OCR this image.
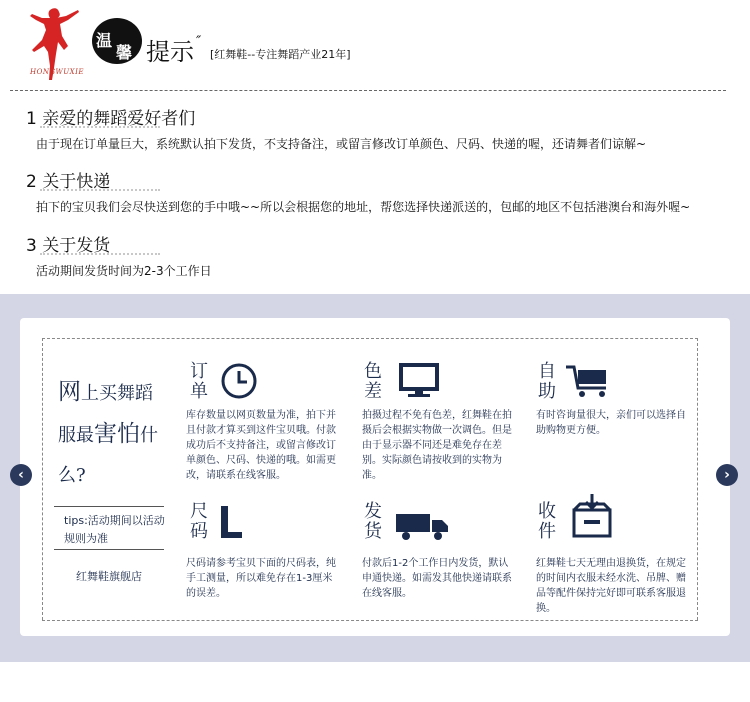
HONGWUXIE
温
馨 提示 ″
[红舞鞋--专注舞蹈产业21年]
1 亲爱的舞蹈爱好者们
由于现在订单量巨大，系统默认拍下发货，不支持备注，或留言修改订单颜色、尺码、快递的喔，还请舞者们谅解~
2 关于快递
拍下的宝贝我们会尽快送到您的手中哦~~所以会根据您的地址，帮您选择快递派送的，包邮的地区不包括港澳台和海外喔~
3 关于发货
活动期间发货时间为2-3个工作日
网上买舞蹈
服最害怕什
么?
tips:活动期间以活动规则为准
红舞鞋旗舰店
订单
库存数量以网页数量为准，拍下并且付款才算买到这件宝贝哦。付款成功后不支持备注，或留言修改订单颜色、尺码、快递的哦。如需更改，请联系在线客服。
色差
拍摄过程不免有色差，红舞鞋在拍摄后会根据实物做一次调色。但是由于显示器不同还是难免存在差别。实际颜色请按收到的实物为准。
自助
有时咨询量很大，亲们可以选择自助购物更方便。
尺码
尺码请参考宝贝下面的尺码表，纯手工测量，所以难免存在1-3厘米的误差。
发货
付款后1-2个工作日内发货，默认申通快递。如需发其他快递请联系在线客服。
收件
红舞鞋七天无理由退换货，在规定的时间内衣服未经水洗、吊牌、赠品等配件保持完好即可联系客服退换。
‹	›
